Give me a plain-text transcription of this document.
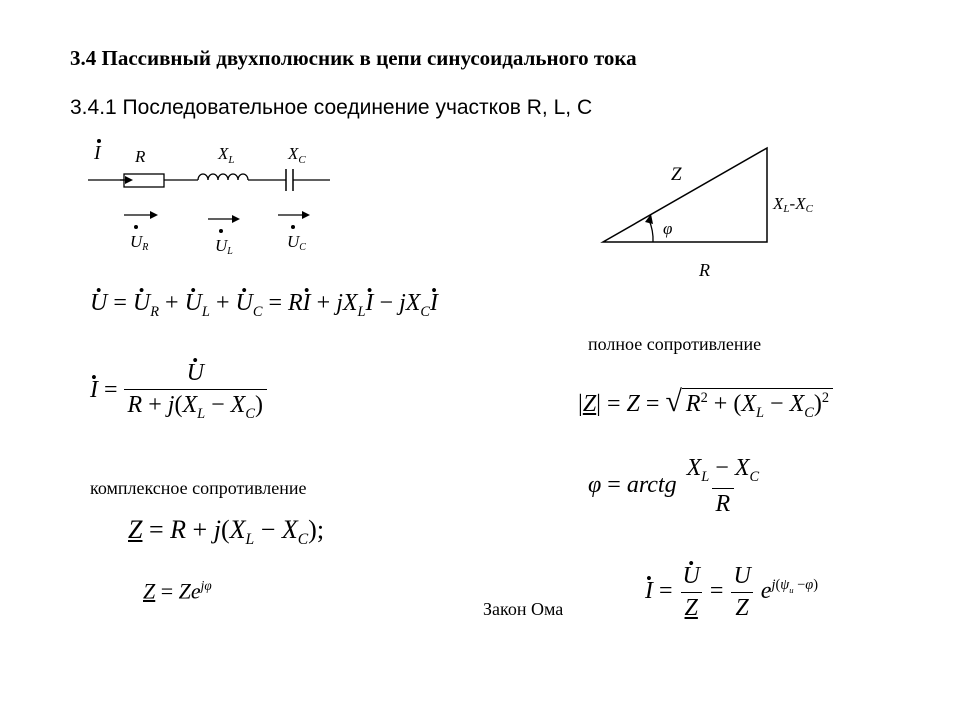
3.4 Пассивный двухполюсник в цепи синусоидального тока
3.4.1 Последовательное соединение участков R, L, C
I R	$X_L$	$X_C$
UR	UL
UC
φ
Z
XL-XC
R
• U = • $U_R$ + • $U_L$ + • $U_C$ = R• $I + jX_L•$ $I - jX_C•$ I
• I = • $\frac{U}{R + j(X_L - X_C)}$
полное сопротивление
|Z| = Z = √ $R^2 + (X_L - X_C)^2$
φ = arctg $\frac{X_L - X_C}{R}$
комплексное сопротивление
$Z = R + j(X_L - X_C)$;
$Z = Ze^{j\varphi}$
Закон Ома
• I = • $\frac{U}{Z} = \frac{U}{Z} e^{j(\psi_u -\varphi)}$
